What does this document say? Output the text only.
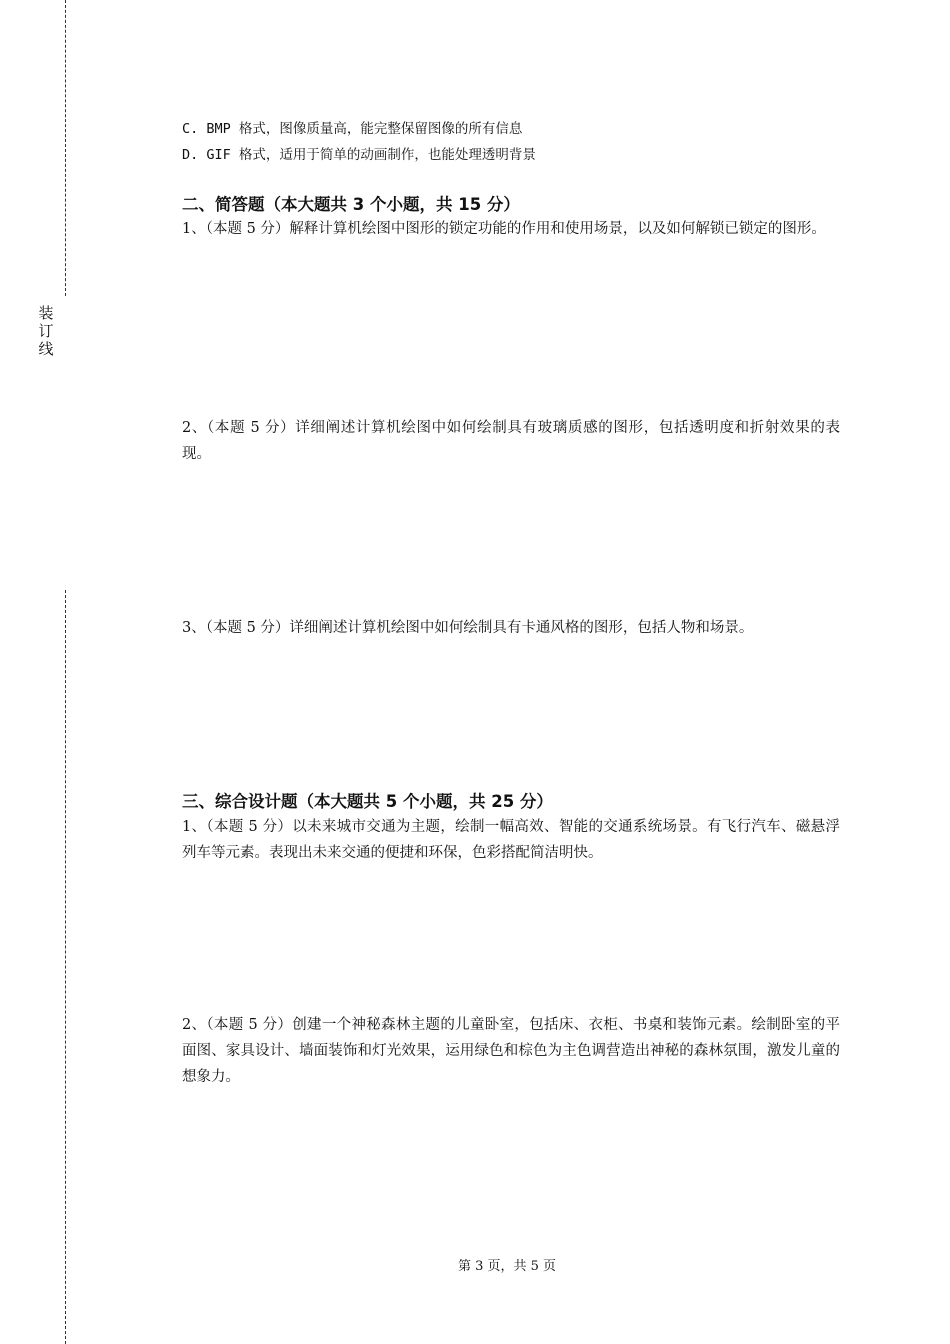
装
订
线
C. BMP 格式，图像质量高，能完整保留图像的所有信息
D. GIF 格式，适用于简单的动画制作，也能处理透明背景
二、简答题（本大题共 3 个小题，共 15 分）
1、（本题 5 分）解释计算机绘图中图形的锁定功能的作用和使用场景，以及如何解锁已锁定的图形。
2、（本题 5 分）详细阐述计算机绘图中如何绘制具有玻璃质感的图形，包括透明度和折射效果的表现。
3、（本题 5 分）详细阐述计算机绘图中如何绘制具有卡通风格的图形，包括人物和场景。
三、综合设计题（本大题共 5 个小题，共 25 分）
1、（本题 5 分）以未来城市交通为主题，绘制一幅高效、智能的交通系统场景。有飞行汽车、磁悬浮列车等元素。表现出未来交通的便捷和环保，色彩搭配简洁明快。
2、（本题 5 分）创建一个神秘森林主题的儿童卧室，包括床、衣柜、书桌和装饰元素。绘制卧室的平面图、家具设计、墙面装饰和灯光效果，运用绿色和棕色为主色调营造出神秘的森林氛围，激发儿童的想象力。
第 3 页，共 5 页
